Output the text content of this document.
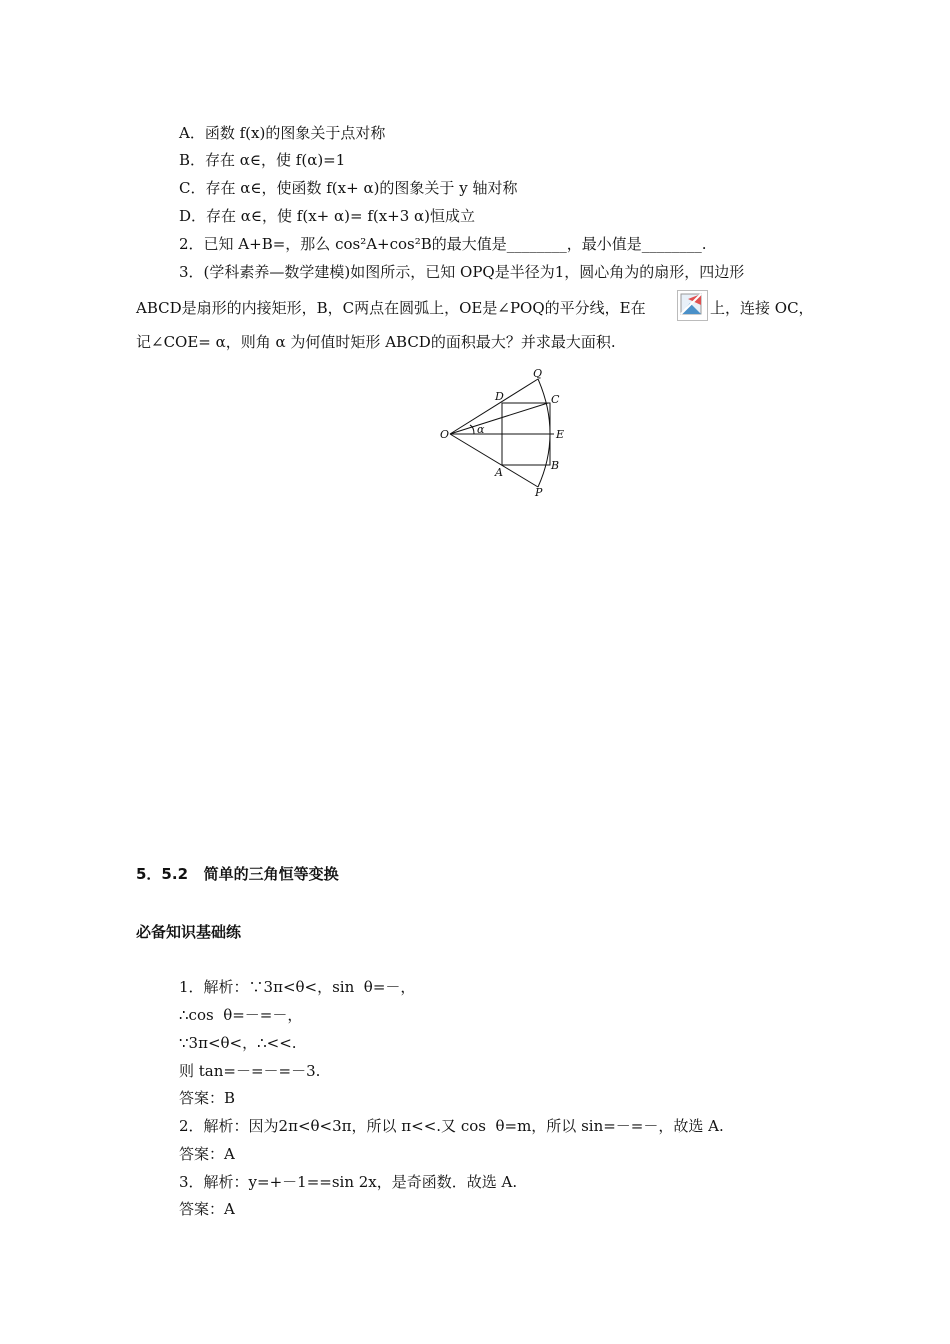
A．函数 f(x)的图象关于点对称
B．存在 α∈，使 f(α)=1
C．存在 α∈，使函数 f(x+ α)的图象关于 y 轴对称
D．存在 α∈，使 f(x+ α)= f(x+3 α)恒成立
2．已知 A+B=，那么 cos²A+cos²B的最大值是________，最小值是________.
3．(学科素养—数学建模)如图所示，已知 OPQ是半径为1，圆心角为的扇形，四边形
ABCD是扇形的内接矩形，B，C两点在圆弧上，OE是∠POQ的平分线，E在	上，连接 OC，
记∠COE= α，则角 α 为何值时矩形 ABCD的面积最大？并求最大面积.
O
Q
D	C
E
α
A
B
P
5．5.2   简单的三角恒等变换
必备知识基础练
1．解析：∵3π<θ<，sin  θ=－，
∴cos  θ=－=－，
∵3π<θ<，∴<<.
则 tan=－=－=－3.
答案：B
2．解析：因为2π<θ<3π，所以 π<<.又 cos  θ=m，所以 sin=－=－，故选 A.
答案：A
3．解析：y=+－1==sin 2x，是奇函数．故选 A.
答案：A
